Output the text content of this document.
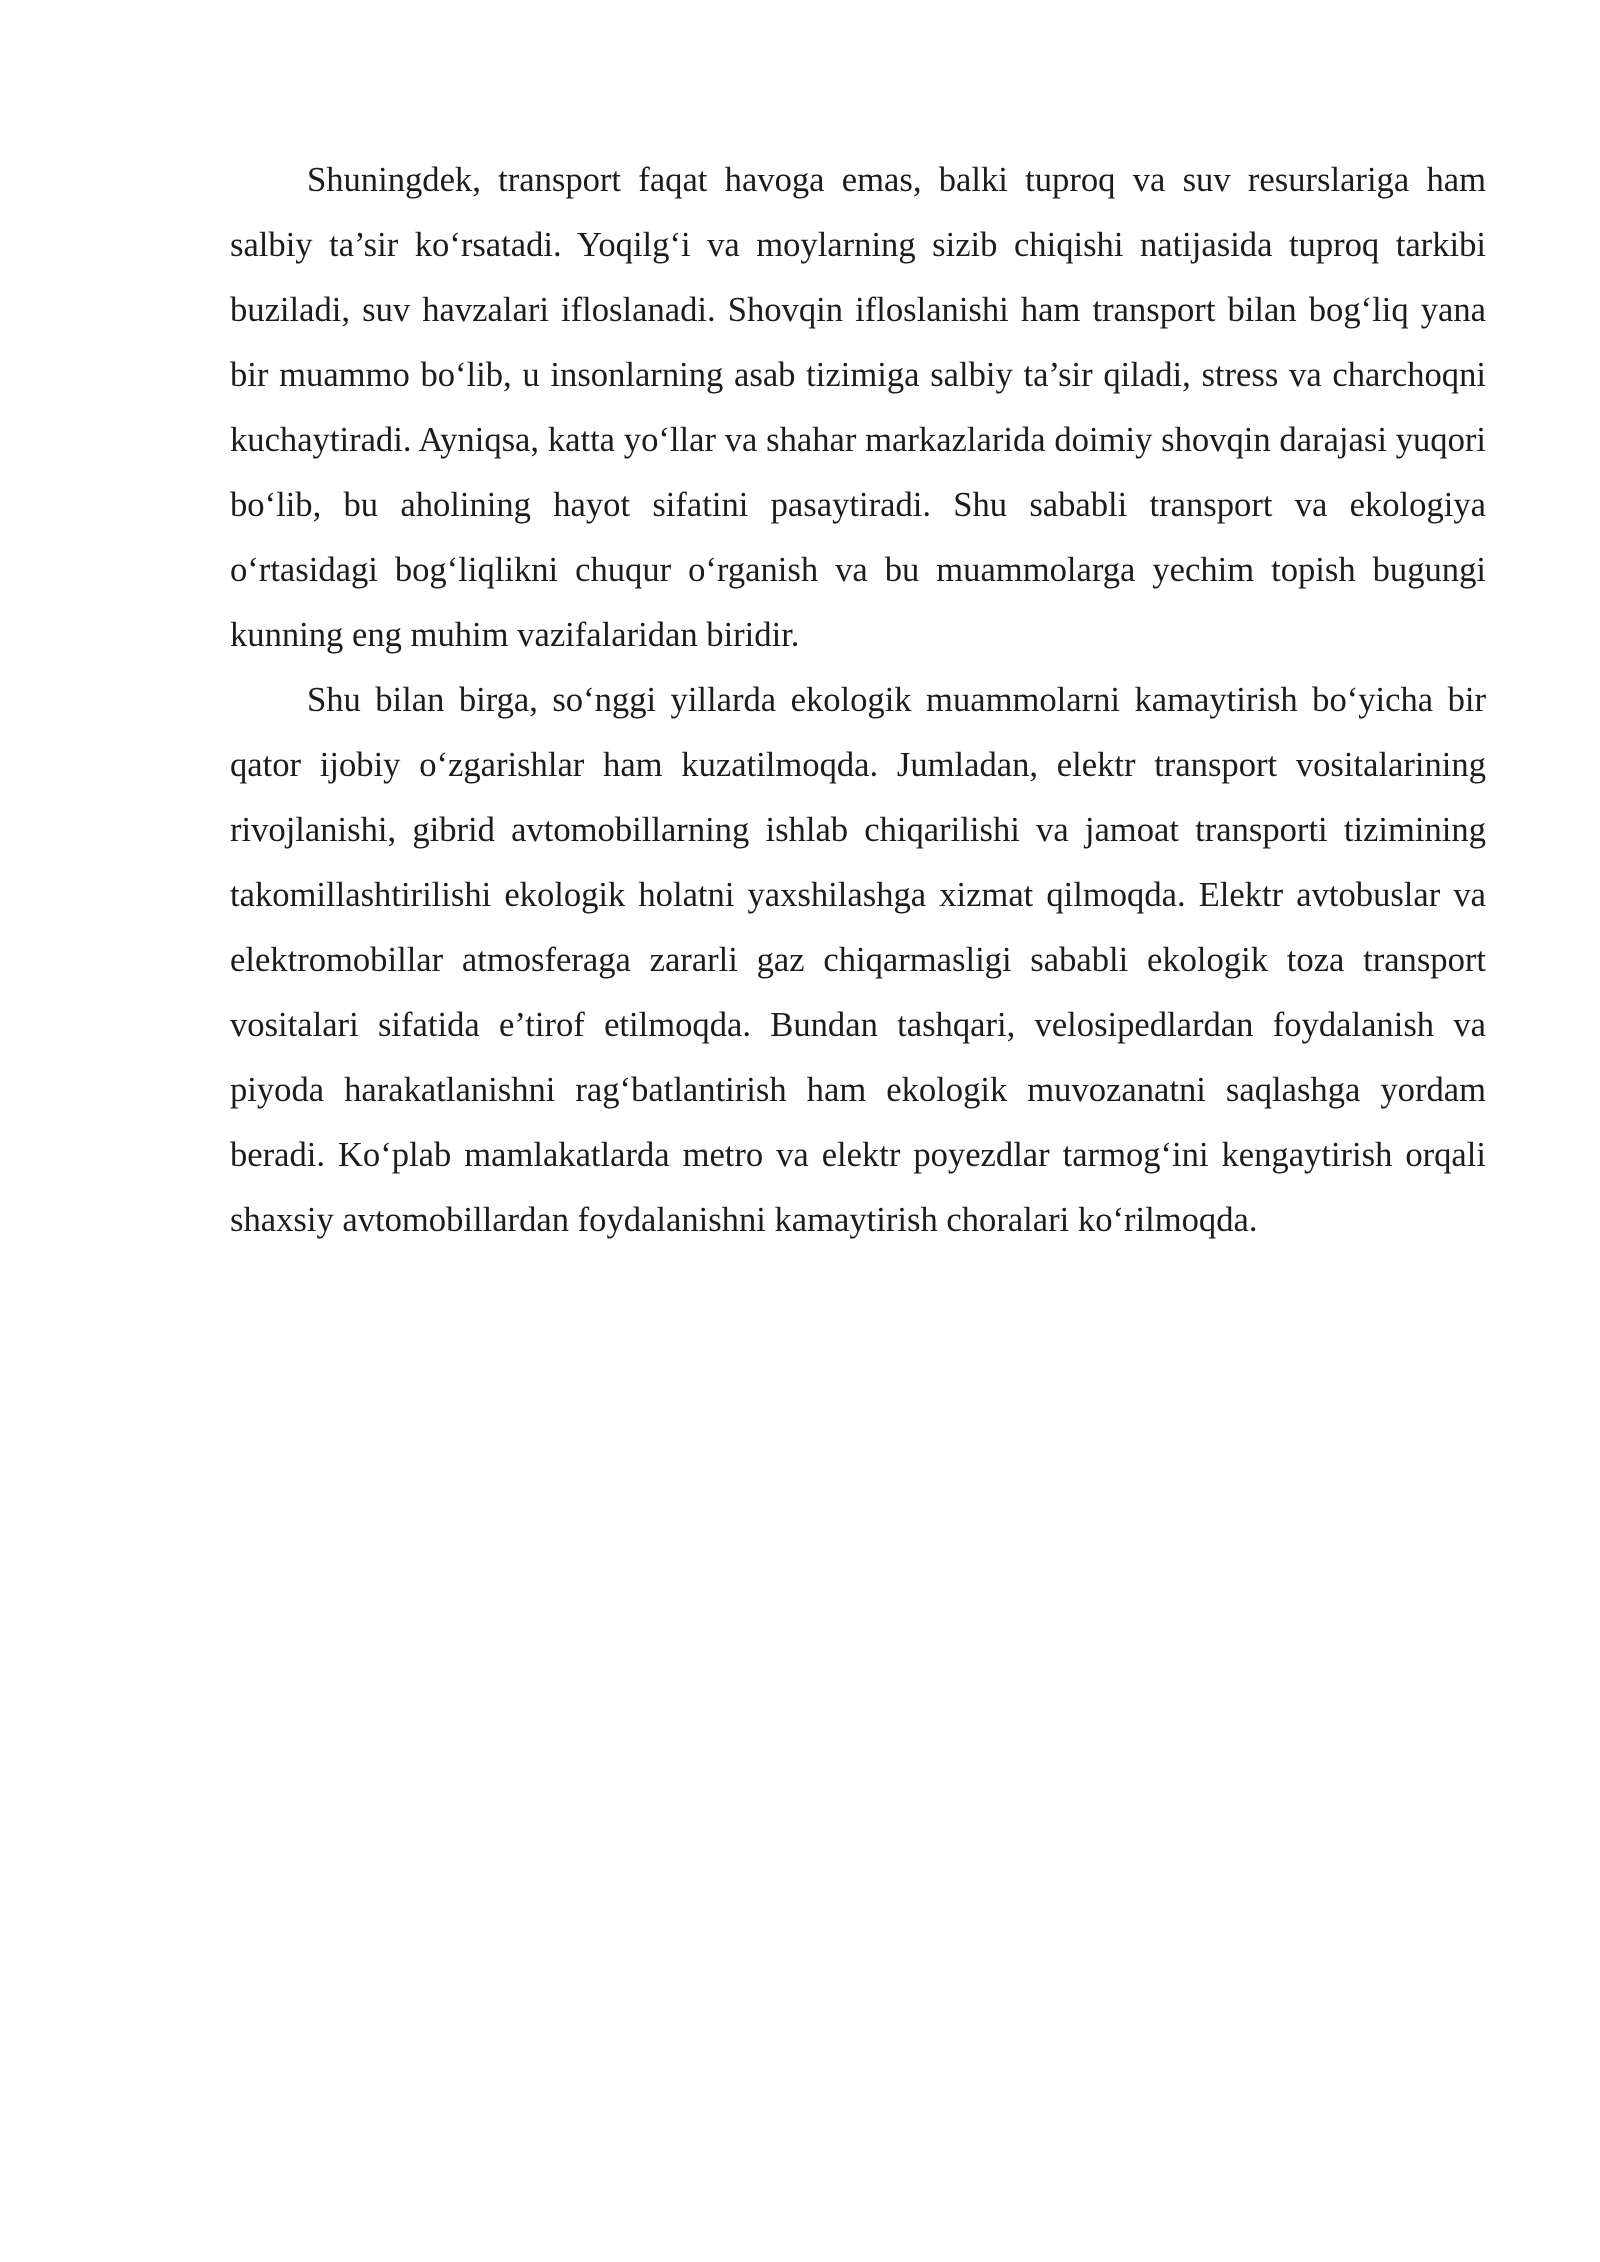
Shuningdek, transport faqat havoga emas, balki tuproq va suv resurslariga ham salbiy ta’sir ko‘rsatadi. Yoqilg‘i va moylarning sizib chiqishi natijasida tuproq tarkibi buziladi, suv havzalari ifloslanadi. Shovqin ifloslanishi ham transport bilan bog‘liq yana bir muammo bo‘lib, u insonlarning asab tizimiga salbiy ta’sir qiladi, stress va charchoqni kuchaytiradi. Ayniqsa, katta yo‘llar va shahar markazlarida doimiy shovqin darajasi yuqori bo‘lib, bu aholining hayot sifatini pasaytiradi. Shu sababli transport va ekologiya o‘rtasidagi bog‘liqlikni chuqur o‘rganish va bu muammolarga yechim topish bugungi kunning eng muhim vazifalaridan biridir.

Shu bilan birga, so‘nggi yillarda ekologik muammolarni kamaytirish bo‘yicha bir qator ijobiy o‘zgarishlar ham kuzatilmoqda. Jumladan, elektr transport vositalarining rivojlanishi, gibrid avtomobillarning ishlab chiqarilishi va jamoat transporti tizimining takomillashtirilishi ekologik holatni yaxshilashga xizmat qilmoqda. Elektr avtobuslar va elektromobillar atmosferaga zararli gaz chiqarmasligi sababli ekologik toza transport vositalari sifatida e’tirof etilmoqda. Bundan tashqari, velosipedlardan foydalanish va piyoda harakatlanishni rag‘batlantirish ham ekologik muvozanatni saqlashga yordam beradi. Ko‘plab mamlakatlarda metro va elektr poyezdlar tarmog‘ini kengaytirish orqali shaxsiy avtomobillardan foydalanishni kamaytirish choralari ko‘rilmoqda.
